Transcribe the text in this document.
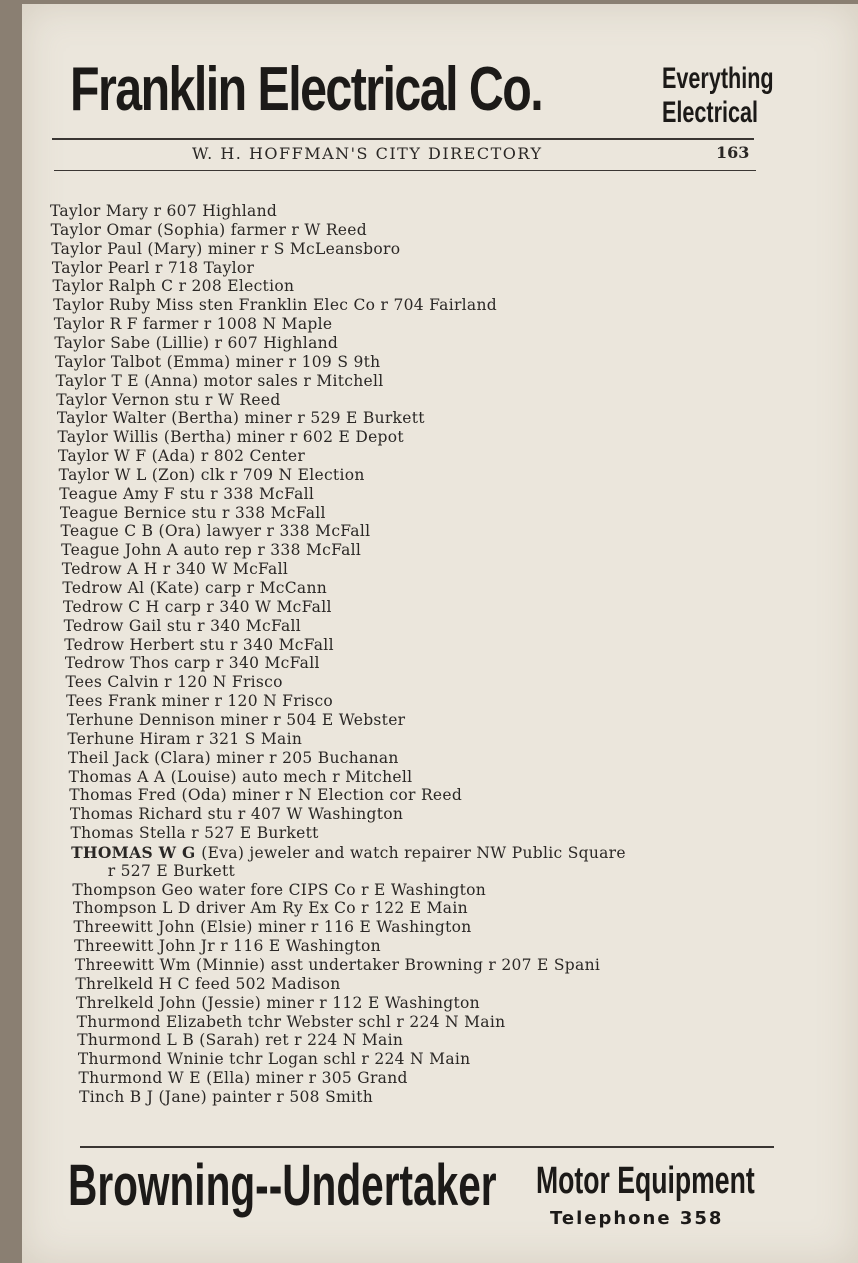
Franklin Electrical Co.	Everything
Electrical
W. H. HOFFMAN'S CITY DIRECTORY	163
Taylor Mary r 607 Highland
Taylor Omar (Sophia) farmer r W Reed
Taylor Paul (Mary) miner r S McLeansboro
Taylor Pearl r 718 Taylor
Taylor Ralph C r 208 Election
Taylor Ruby Miss sten Franklin Elec Co r 704 Fairland
Taylor R F farmer r 1008 N Maple
Taylor Sabe (Lillie) r 607 Highland
Taylor Talbot (Emma) miner r 109 S 9th
Taylor T E (Anna) motor sales r Mitchell
Taylor Vernon stu r W Reed
Taylor Walter (Bertha) miner r 529 E Burkett
Taylor Willis (Bertha) miner r 602 E Depot
Taylor W F (Ada) r 802 Center
Taylor W L (Zon) clk r 709 N Election
Teague Amy F stu r 338 McFall
Teague Bernice stu r 338 McFall
Teague C B (Ora) lawyer r 338 McFall
Teague John A auto rep r 338 McFall
Tedrow A H r 340 W McFall
Tedrow Al (Kate) carp r McCann
Tedrow C H carp r 340 W McFall
Tedrow Gail stu r 340 McFall
Tedrow Herbert stu r 340 McFall
Tedrow Thos carp r 340 McFall
Tees Calvin r 120 N Frisco
Tees Frank miner r 120 N Frisco
Terhune Dennison miner r 504 E Webster
Terhune Hiram r 321 S Main
Theil Jack (Clara) miner r 205 Buchanan
Thomas A A (Louise) auto mech r Mitchell
Thomas Fred (Oda) miner r N Election cor Reed
Thomas Richard stu r 407 W Washington
Thomas Stella r 527 E Burkett
THOMAS W G (Eva) jeweler and watch repairer NW Public Square
r 527 E Burkett
Thompson Geo water fore CIPS Co r E Washington
Thompson L D driver Am Ry Ex Co r 122 E Main
Threewitt John (Elsie) miner r 116 E Washington
Threewitt John Jr r 116 E Washington
Threewitt Wm (Minnie) asst undertaker Browning r 207 E Spani
Threlkeld H C feed 502 Madison
Threlkeld John (Jessie) miner r 112 E Washington
Thurmond Elizabeth tchr Webster schl r 224 N Main
Thurmond L B (Sarah) ret r 224 N Main
Thurmond Wninie tchr Logan schl r 224 N Main
Thurmond W E (Ella) miner r 305 Grand
Tinch B J (Jane) painter r 508 Smith
Browning--Undertaker Motor Equipment
Telephone 358
